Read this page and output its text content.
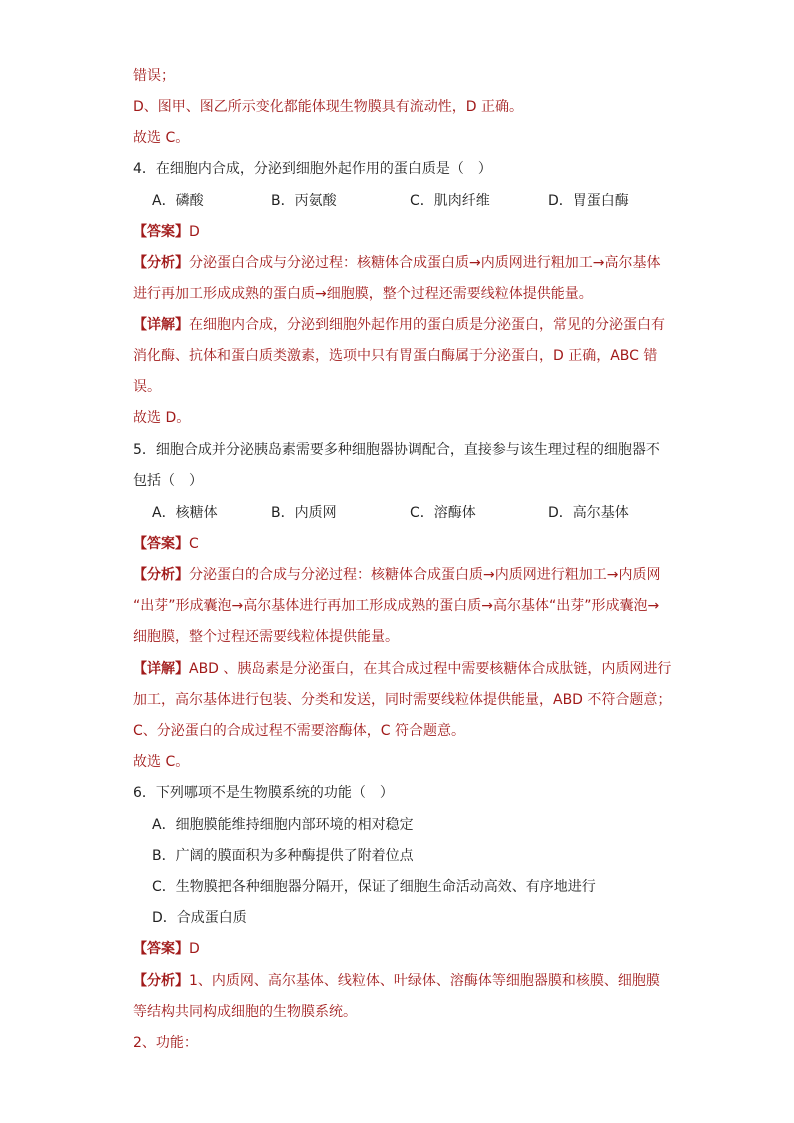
错误；
D、图甲、图乙所示变化都能体现生物膜具有流动性，D 正确。
故选 C。
4．在细胞内合成，分泌到细胞外起作用的蛋白质是（　）
A．磷酸	B．丙氨酸	C．肌肉纤维	D．胃蛋白酶
【答案】D
【分析】分泌蛋白合成与分泌过程：核糖体合成蛋白质→内质网进行粗加工→高尔基体
进行再加工形成成熟的蛋白质→细胞膜，整个过程还需要线粒体提供能量。
【详解】在细胞内合成，分泌到细胞外起作用的蛋白质是分泌蛋白，常见的分泌蛋白有
消化酶、抗体和蛋白质类激素，选项中只有胃蛋白酶属于分泌蛋白，D 正确，ABC 错
误。
故选 D。
5．细胞合成并分泌胰岛素需要多种细胞器协调配合，直接参与该生理过程的细胞器不
包括（　）
A．核糖体	B．内质网	C．溶酶体	D．高尔基体
【答案】C
【分析】分泌蛋白的合成与分泌过程：核糖体合成蛋白质→内质网进行粗加工→内质网
“出芽”形成囊泡→高尔基体进行再加工形成成熟的蛋白质→高尔基体“出芽”形成囊泡→
细胞膜，整个过程还需要线粒体提供能量。
【详解】ABD 、胰岛素是分泌蛋白，在其合成过程中需要核糖体合成肽链，内质网进行
加工，高尔基体进行包装、分类和发送，同时需要线粒体提供能量，ABD 不符合题意；
C、分泌蛋白的合成过程不需要溶酶体，C 符合题意。
故选 C。
6．下列哪项不是生物膜系统的功能（　）
A．细胞膜能维持细胞内部环境的相对稳定
B．广阔的膜面积为多种酶提供了附着位点
C．生物膜把各种细胞器分隔开，保证了细胞生命活动高效、有序地进行
D．合成蛋白质
【答案】D
【分析】1、内质网、高尔基体、线粒体、叶绿体、溶酶体等细胞器膜和核膜、细胞膜
等结构共同构成细胞的生物膜系统。
2、功能：
